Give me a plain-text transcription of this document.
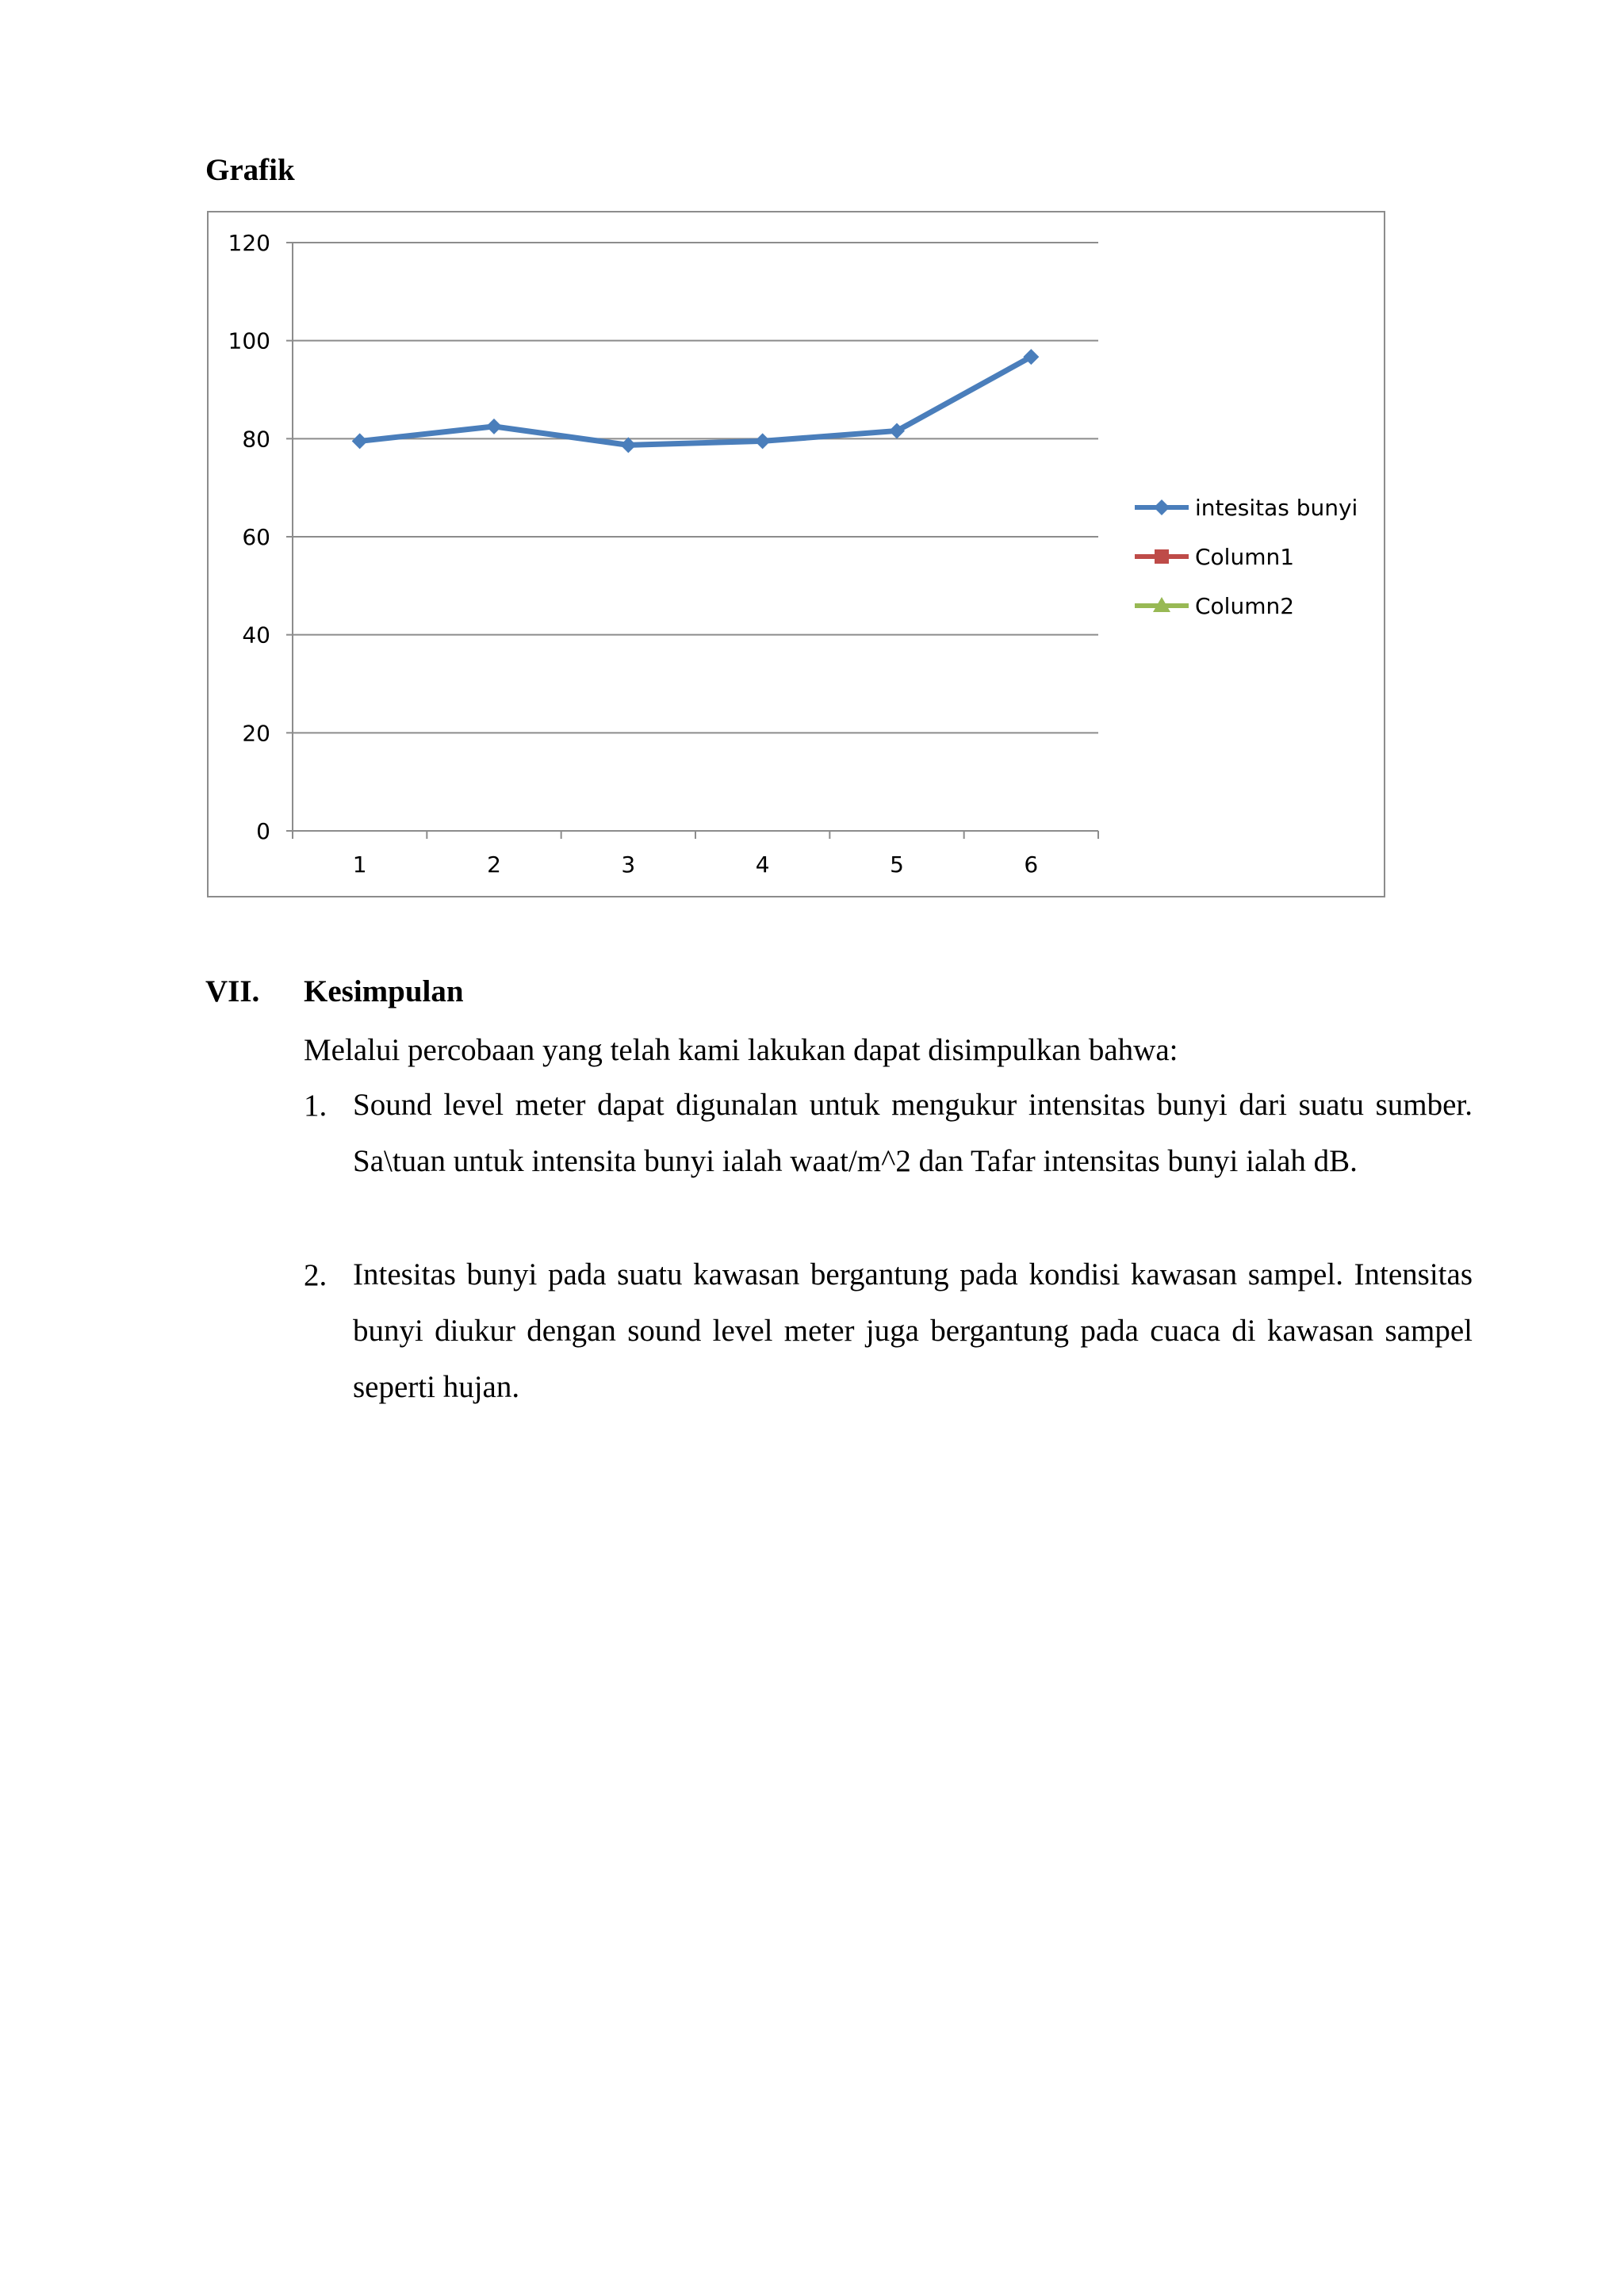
Grafik
0
20
40
60
80
100
120
1	2	3	4	5	6
intesitas bunyi
Column1
Column2
VII. Kesimpulan
Melalui percobaan yang telah kami lakukan dapat disimpulkan bahwa:
1. Sound level meter dapat digunalan untuk mengukur intensitas bunyi dari suatu sumber. Sa\tuan untuk intensita bunyi ialah waat/m^2 dan Tafar intensitas bunyi ialah dB.
2. Intesitas bunyi pada suatu kawasan bergantung pada kondisi kawasan sampel. Intensitas bunyi diukur dengan sound level meter juga bergantung pada cuaca di kawasan sampel seperti hujan.
